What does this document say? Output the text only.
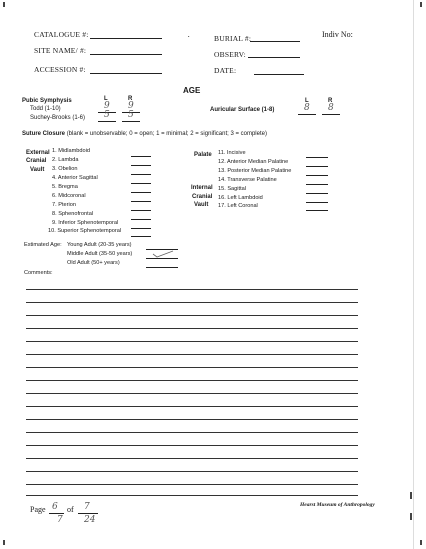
CATALOGUE #:
SITE NAME/ #:
ACCESSION #:
•	BURIAL #:
OBSERV:
DATE:
Indiv No:
AGE
Pubic Symphysis	L	R
Todd (1-10)	9 9
Suchey-Brooks (1-6) 5 5
L	R
Auricular Surface (1-8)	8 8
Suture Closure (blank = unobservable; 0 = open; 1 = minimal; 2 = significant; 3 = complete)
External
Cranial
Vault
1. Midlambdoid
2. Lambda
3. Obelion
4. Anterior Sagittal
5. Bregma
6. Midcoronal
7. Pterion
8. Sphenofrontal
9. Inferior Sphenotemporal
10. Superior Sphenotemporal
Palate
Internal
Cranial
Vault
11. Incisive
12. Anterior Median Palatine
13. Posterior Median Palatine
14. Transverse Palatine
15. Sagittal
16. Left Lambdoid
17. Left Coronal
Estimated Age: Young Adult (20-35 years)
Middle Adult (35-50 years)
Old Adult (50+ years)
Comments:
Page 6 of 7
7 24
Hearst Museum of Anthropology
